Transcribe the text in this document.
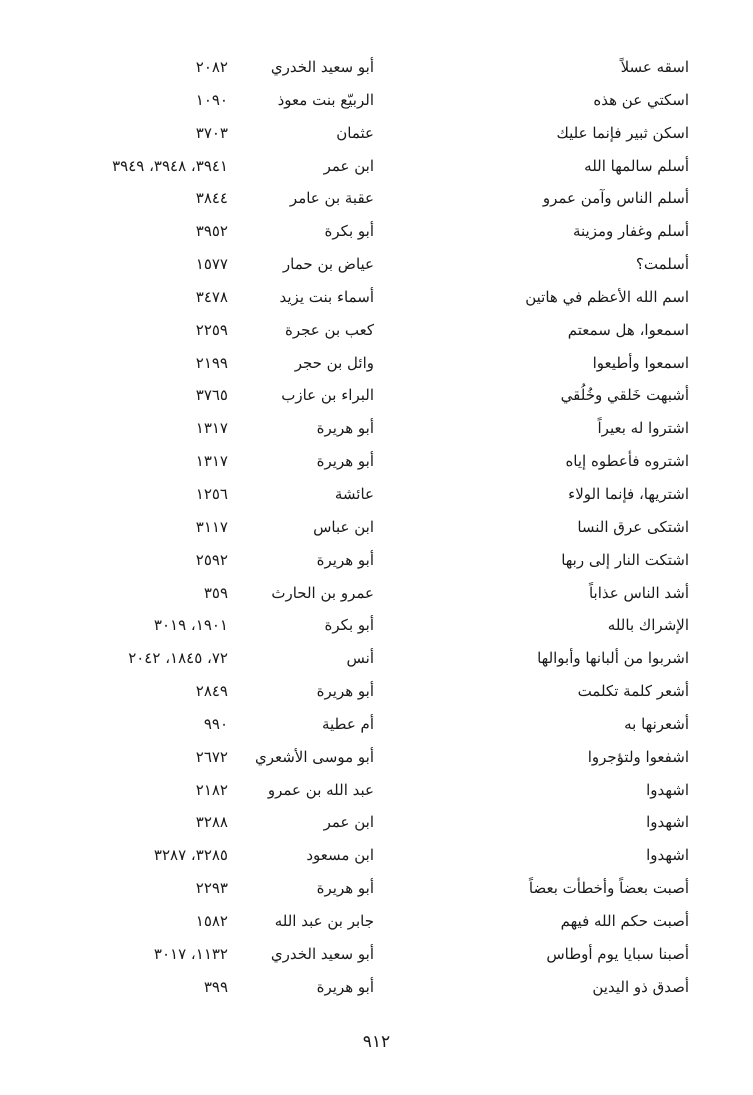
اسقه عسلاً
أبو سعيد الخدري
٢٠٨٢
اسكتي عن هذه
الربيّع بنت معوذ
١٠٩٠
اسكن ثبير فإنما عليك
عثمان
٣٧٠٣
أسلم سالمها الله
ابن عمر
٣٩٤١، ٣٩٤٨، ٣٩٤٩
أسلم الناس وآمن عمرو
عقبة بن عامر
٣٨٤٤
أسلم وغفار ومزينة
أبو بكرة
٣٩٥٢
أسلمت؟
عياض بن حمار
١٥٧٧
اسم الله الأعظم في هاتين
أسماء بنت يزيد
٣٤٧٨
اسمعوا، هل سمعتم
كعب بن عجرة
٢٢٥٩
اسمعوا وأطيعوا
وائل بن حجر
٢١٩٩
أشبهت خَلقي وخُلُقي
البراء بن عازب
٣٧٦٥
اشتروا له بعيراً
أبو هريرة
١٣١٧
اشتروه فأعطوه إياه
أبو هريرة
١٣١٧
اشتريها، فإنما الولاء
عائشة
١٢٥٦
اشتكى عرق النسا
ابن عباس
٣١١٧
اشتكت النار إلى ربها
أبو هريرة
٢٥٩٢
أشد الناس عذاباً
عمرو بن الحارث
٣٥٩
الإشراك بالله
أبو بكرة
١٩٠١، ٣٠١٩
اشربوا من ألبانها وأبوالها
أنس
٧٢، ١٨٤٥، ٢٠٤٢
أشعر كلمة تكلمت
أبو هريرة
٢٨٤٩
أشعرنها به
أم عطية
٩٩٠
اشفعوا ولتؤجروا
أبو موسى الأشعري
٢٦٧٢
اشهدوا
عبد الله بن عمرو
٢١٨٢
اشهدوا
ابن عمر
٣٢٨٨
اشهدوا
ابن مسعود
٣٢٨٥، ٣٢٨٧
أصبت بعضاً وأخطأت بعضاً
أبو هريرة
٢٢٩٣
أصبت حكم الله فيهم
جابر بن عبد الله
١٥٨٢
أصبنا سبايا يوم أوطاس
أبو سعيد الخدري
١١٣٢، ٣٠١٧
أصدق ذو اليدين
أبو هريرة
٣٩٩
٩١٢
